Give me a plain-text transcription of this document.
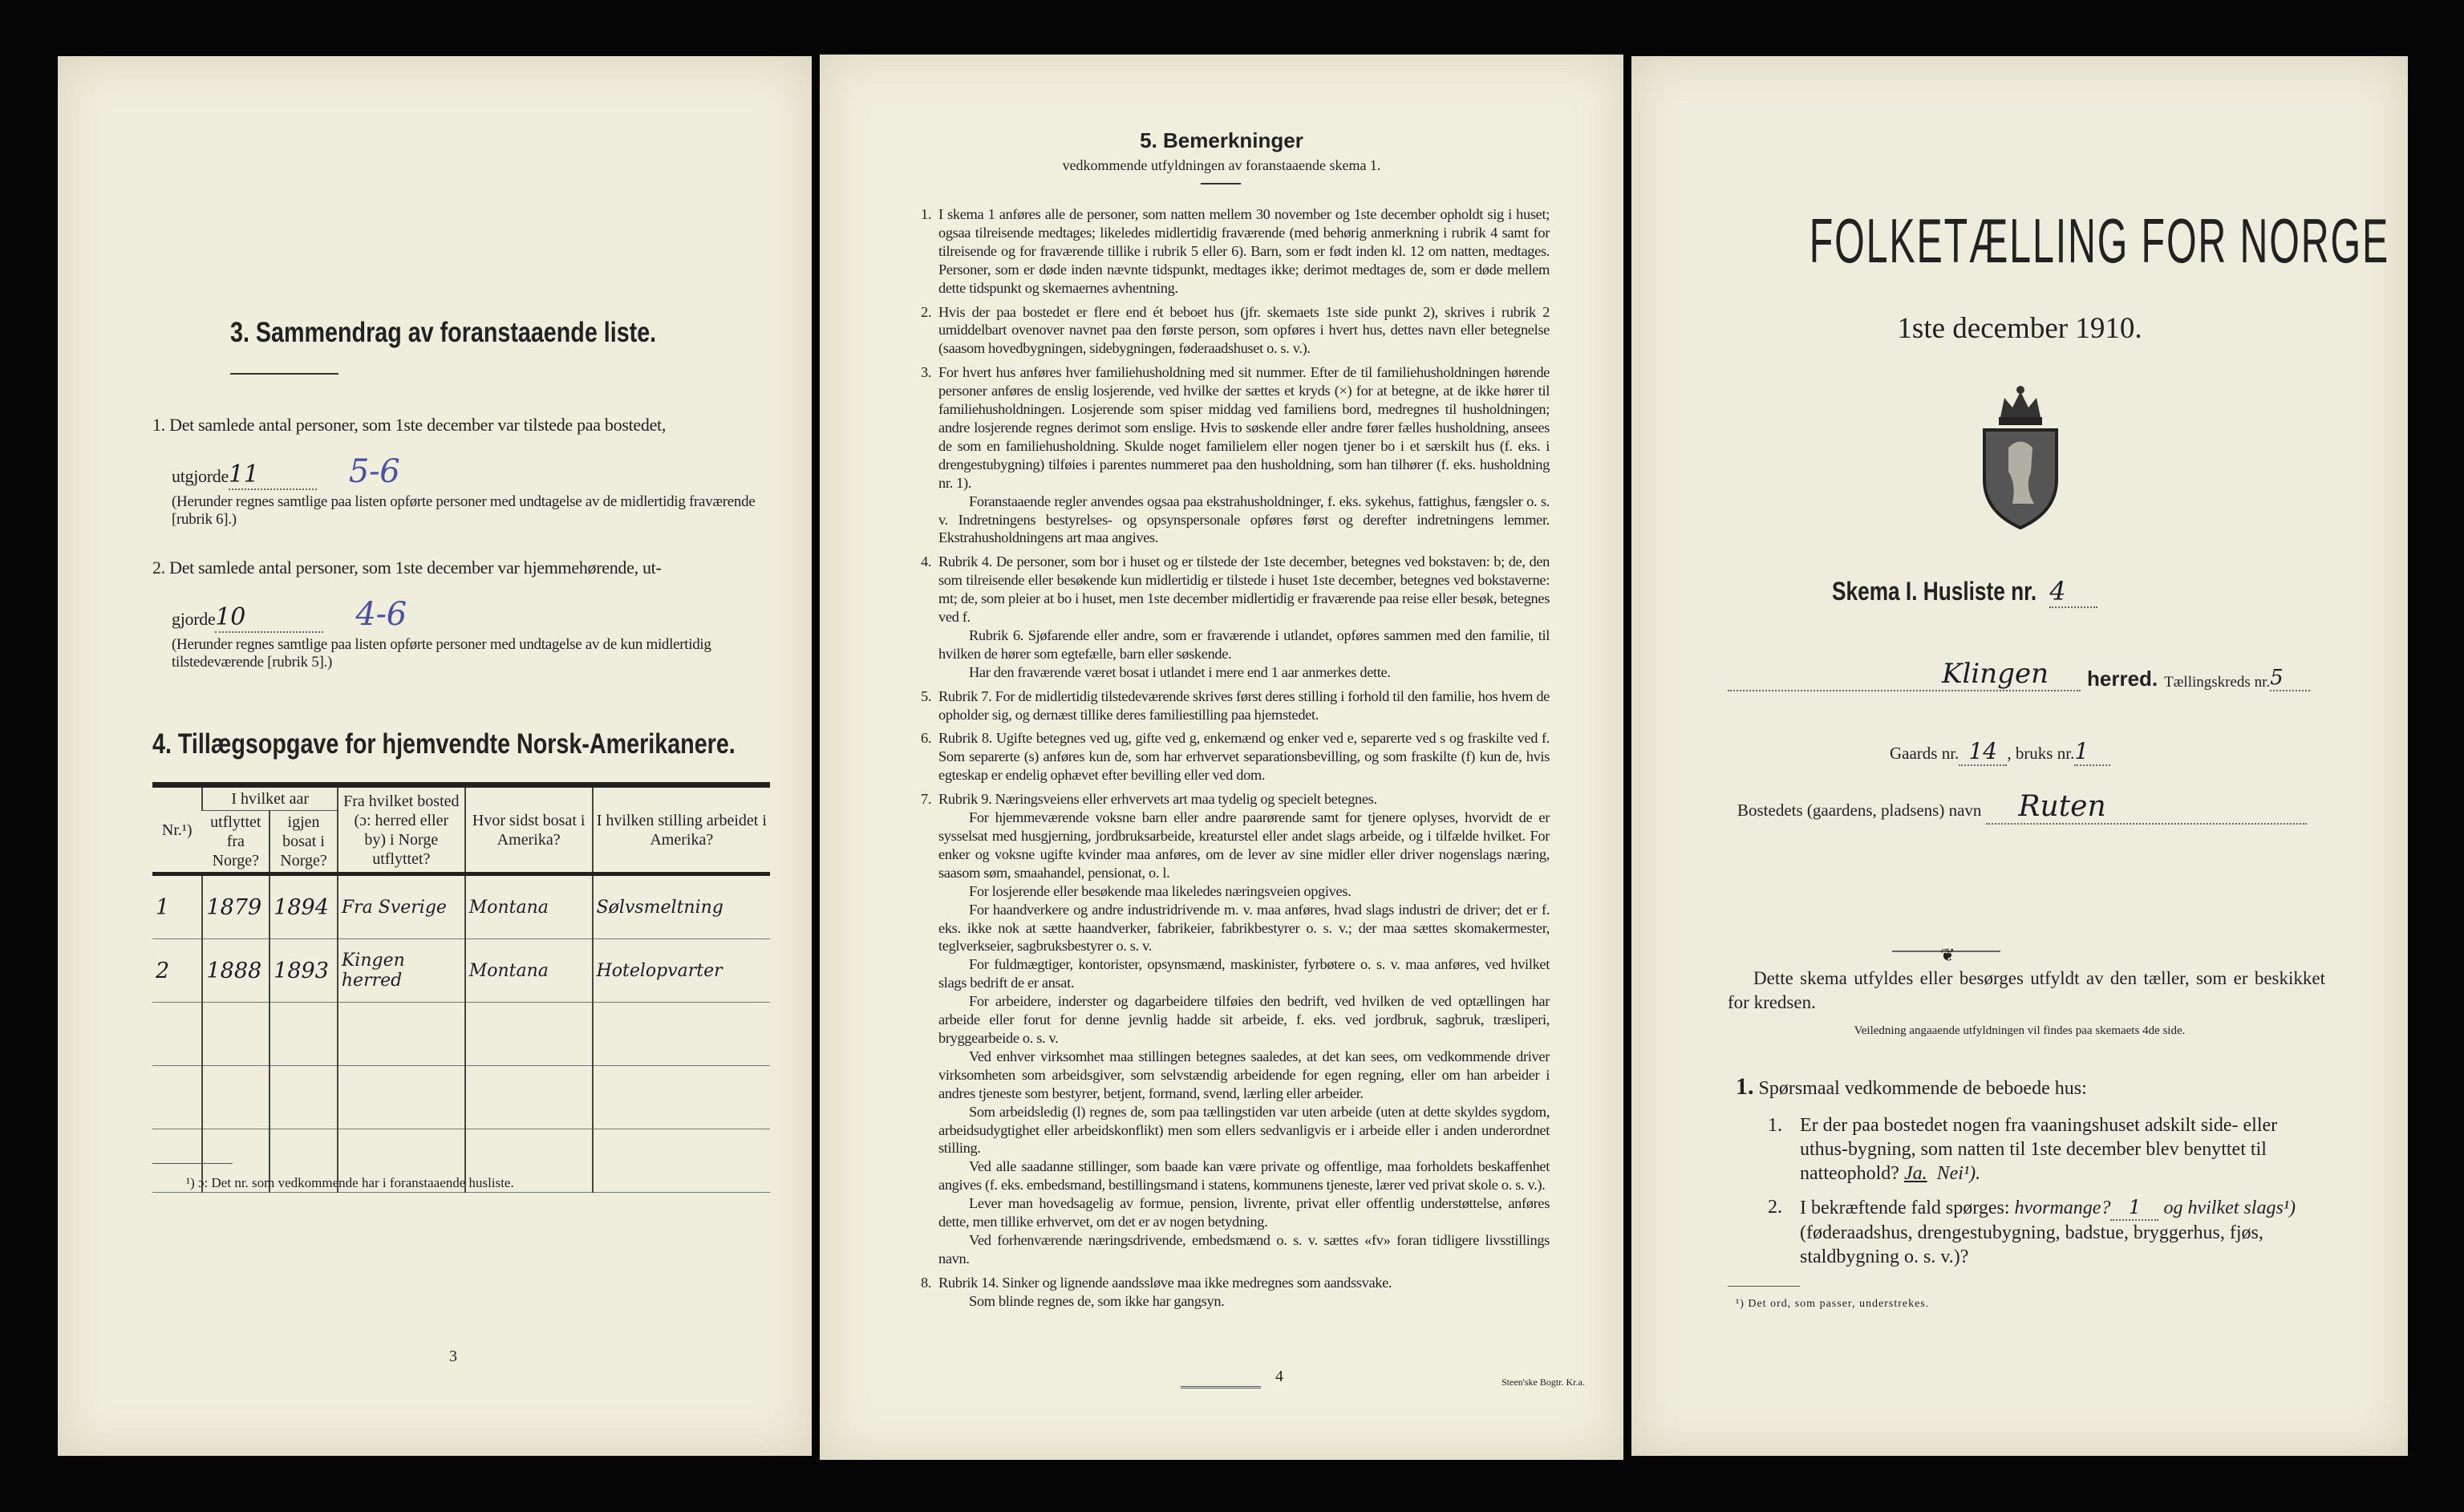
3. Sammendrag av foranstaaende liste.

1. Det samlede antal personer, som 1ste december var tilstede paa bostedet,

utgjorde11	5-6

(Herunder regnes samtlige paa listen opførte personer med undtagelse av de midlertidig fraværende [rubrik 6].)

2. Det samlede antal personer, som 1ste december var hjemmehørende, ut-

gjorde10	4-6

(Herunder regnes samtlige paa listen opførte personer med undtagelse av de kun midlertidig tilstedeværende [rubrik 5].)

4. Tillægsopgave for hjemvendte Norsk-Amerikanere.
Nr.¹)	I hvilket aar		Fra hvilket bosted (ɔ: herred eller by) i Norge utflyttet?	Hvor sidst bosat i Amerika?	I hvilken stilling arbeidet i Amerika?
	utflyttet fra Norge?	igjen bosat i Norge?			
1	1879	1894	Fra Sverige	Montana	Sølvsmeltning
2	1888	1893	Kingen herred	Montana	Hotelopvarter

¹) ɔ: Det nr. som vedkommende har i foranstaaende husliste.
3
5. Bemerkninger
vedkommende utfyldningen av foranstaaende skema 1.
1. I skema 1 anføres alle de personer, som natten mellem 30 november og 1ste december opholdt sig i huset; ogsaa tilreisende medtages; likeledes midlertidig fraværende (med behørig anmerkning i rubrik 4 samt for tilreisende og for fraværende tillike i rubrik 5 eller 6). Barn, som er født inden kl. 12 om natten, medtages. Personer, som er døde inden nævnte tidspunkt, medtages ikke; derimot medtages de, som er døde mellem dette tidspunkt og skemaernes avhentning.

2. Hvis der paa bostedet er flere end ét beboet hus (jfr. skemaets 1ste side punkt 2), skrives i rubrik 2 umiddelbart ovenover navnet paa den første person, som opføres i hvert hus, dettes navn eller betegnelse (saasom hovedbygningen, sidebygningen, føderaadshuset o. s. v.).

3. For hvert hus anføres hver familiehusholdning med sit nummer. Efter de til familiehusholdningen hørende personer anføres de enslig losjerende, ved hvilke der sættes et kryds (×) for at betegne, at de ikke hører til familiehusholdningen. Losjerende som spiser middag ved familiens bord, medregnes til husholdningen; andre losjerende regnes derimot som enslige. Hvis to søskende eller andre fører fælles husholdning, ansees de som en familiehusholdning. Skulde noget familielem eller nogen tjener bo i et særskilt hus (f. eks. i drengestubygning) tilføies i parentes nummeret paa den husholdning, som han tilhører (f. eks. husholdning nr. 1).

Foranstaaende regler anvendes ogsaa paa ekstrahusholdninger, f. eks. sykehus, fattighus, fængsler o. s. v. Indretningens bestyrelses- og opsynspersonale opføres først og derefter indretningens lemmer. Ekstrahusholdningens art maa angives.

4. Rubrik 4. De personer, som bor i huset og er tilstede der 1ste december, betegnes ved bokstaven: b; de, den som tilreisende eller besøkende kun midlertidig er tilstede i huset 1ste december, betegnes ved bokstaverne: mt; de, som pleier at bo i huset, men 1ste december midlertidig er fraværende paa reise eller besøk, betegnes ved f.

Rubrik 6. Sjøfarende eller andre, som er fraværende i utlandet, opføres sammen med den familie, til hvilken de hører som egtefælle, barn eller søskende.

Har den fraværende været bosat i utlandet i mere end 1 aar anmerkes dette.

5. Rubrik 7. For de midlertidig tilstedeværende skrives først deres stilling i forhold til den familie, hos hvem de opholder sig, og dernæst tillike deres familiestilling paa hjemstedet.

6. Rubrik 8. Ugifte betegnes ved ug, gifte ved g, enkemænd og enker ved e, separerte ved s og fraskilte ved f. Som separerte (s) anføres kun de, som har erhvervet separationsbevilling, og som fraskilte (f) kun de, hvis egteskap er endelig ophævet efter bevilling eller ved dom.

7. Rubrik 9. Næringsveiens eller erhvervets art maa tydelig og specielt betegnes.

For hjemmeværende voksne barn eller andre paarørende samt for tjenere oplyses, hvorvidt de er sysselsat med husgjerning, jordbruksarbeide, kreaturstel eller andet slags arbeide, og i tilfælde hvilket. For enker og voksne ugifte kvinder maa anføres, om de lever av sine midler eller driver nogenslags næring, saasom søm, smaahandel, pensionat, o. l.

For losjerende eller besøkende maa likeledes næringsveien opgives.

For haandverkere og andre industridrivende m. v. maa anføres, hvad slags industri de driver; det er f. eks. ikke nok at sætte haandverker, fabrikeier, fabrikbestyrer o. s. v.; der maa sættes skomakermester, teglverkseier, sagbruksbestyrer o. s. v.

For fuldmægtiger, kontorister, opsynsmænd, maskinister, fyrbøtere o. s. v. maa anføres, ved hvilket slags bedrift de er ansat.

For arbeidere, inderster og dagarbeidere tilføies den bedrift, ved hvilken de ved optællingen har arbeide eller forut for denne jevnlig hadde sit arbeide, f. eks. ved jordbruk, sagbruk, træsliperi, bryggearbeide o. s. v.

Ved enhver virksomhet maa stillingen betegnes saaledes, at det kan sees, om vedkommende driver virksomheten som arbeidsgiver, som selvstændig arbeidende for egen regning, eller om han arbeider i andres tjeneste som bestyrer, betjent, formand, svend, lærling eller arbeider.

Som arbeidsledig (l) regnes de, som paa tællingstiden var uten arbeide (uten at dette skyldes sygdom, arbeidsudygtighet eller arbeidskonflikt) men som ellers sedvanligvis er i arbeide eller i anden underordnet stilling.

Ved alle saadanne stillinger, som baade kan være private og offentlige, maa forholdets beskaffenhet angives (f. eks. embedsmand, bestillingsmand i statens, kommunens tjeneste, lærer ved privat skole o. s. v.).

Lever man hovedsagelig av formue, pension, livrente, privat eller offentlig understøttelse, anføres dette, men tillike erhvervet, om det er av nogen betydning.

Ved forhenværende næringsdrivende, embedsmænd o. s. v. sættes «fv» foran tidligere livsstillings navn.

8. Rubrik 14. Sinker og lignende aandssløve maa ikke medregnes som aandssvake.

Som blinde regnes de, som ikke har gangsyn.

4	Steen'ske Bogtr. Kr.a.
FOLKETÆLLING FOR NORGE
1ste december 1910.
Skema I. Husliste nr. 4
Klingen	herred. Tællingskreds nr. 5
Gaards nr. 14 , bruks nr.1
Bostedets (gaardens, pladsens) navn Ruten
❦
Dette skema utfyldes eller besørges utfyldt av den tæller, som er beskikket for kredsen.
Veiledning angaaende utfyldningen vil findes paa skemaets 4de side.
1. Spørsmaal vedkommende de beboede hus:
1. Er der paa bostedet nogen fra vaaningshuset adskilt side- eller uthus-bygning, som natten til 1ste december blev benyttet til natteophold? Ja. Nei¹).
2. I bekræftende fald spørges: hvormange? 1 og hvilket slags¹) (føderaadshus, drengestubygning, badstue, bryggerhus, fjøs, staldbygning o. s. v.)?
¹) Det ord, som passer, understrekes.
